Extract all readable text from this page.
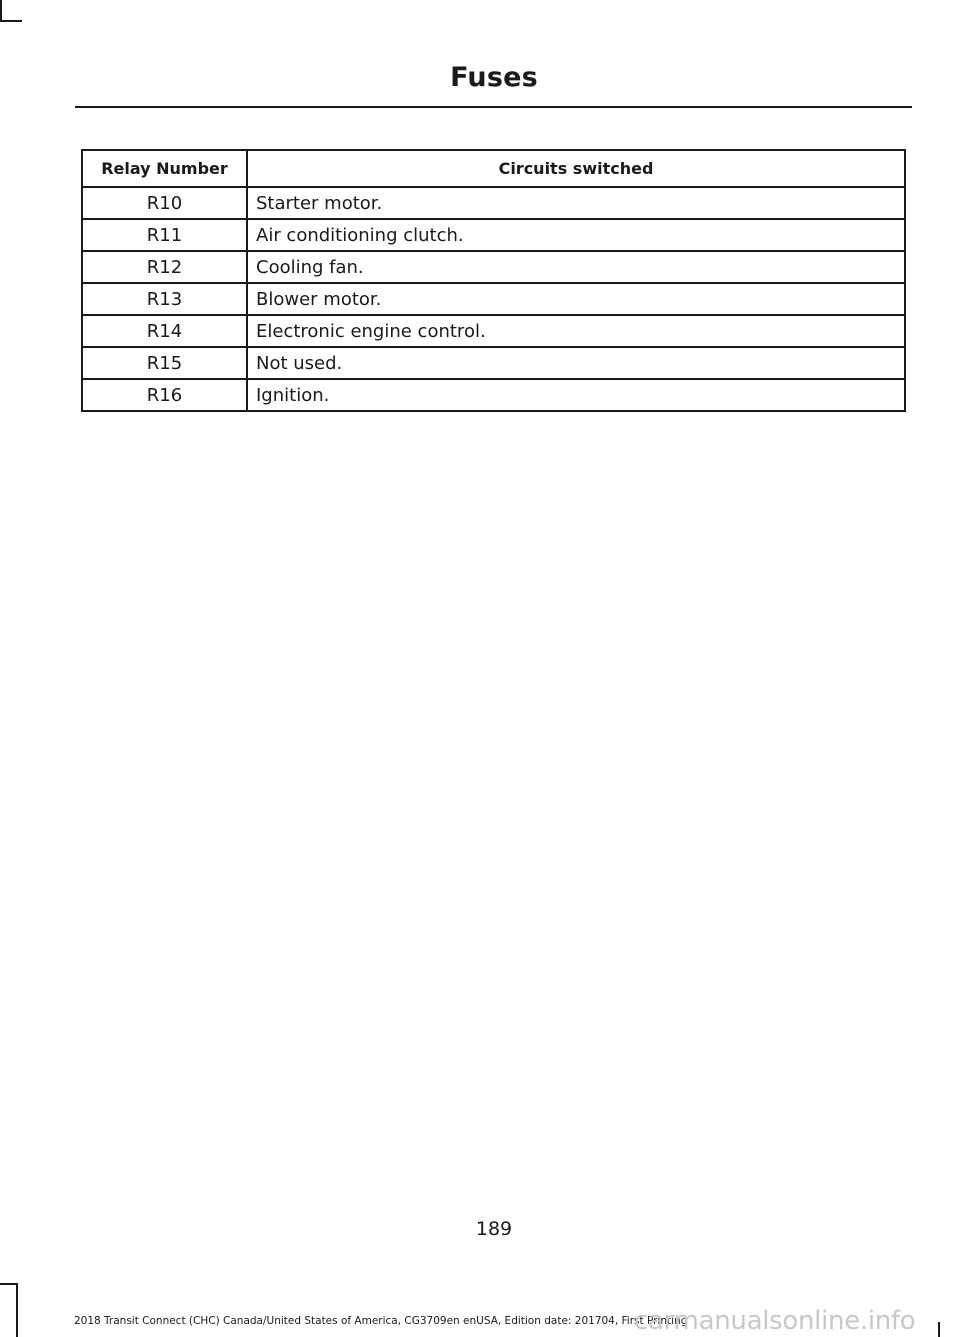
Fuses
Relay Number	Circuits switched
R10	Starter motor.
R11	Air conditioning clutch.
R12	Cooling fan.
R13	Blower motor.
R14	Electronic engine control.
R15	Not used.
R16	Ignition.
189
2018 Transit Connect (CHC) Canada/United States of America, CG3709en enUSA, Edition date: 201704, First Printing
carmanualsonline.info
